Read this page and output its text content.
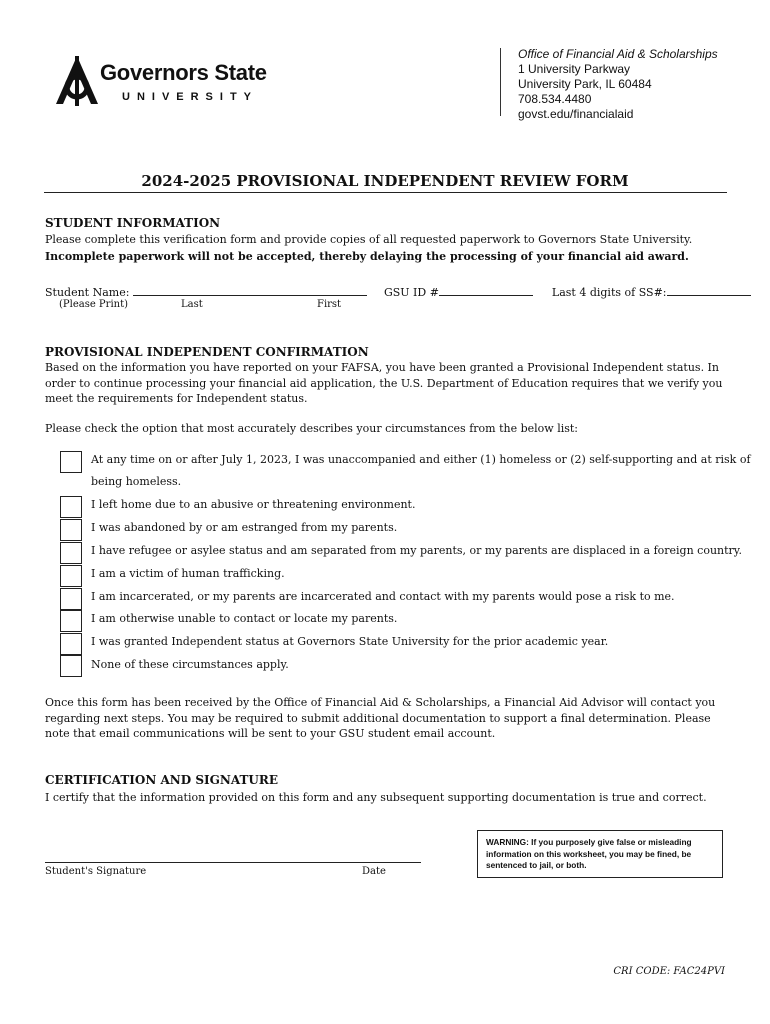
Governors State
UNIVERSITY
Office of Financial Aid & Scholarships
1 University Parkway
University Park, IL 60484
708.534.4480
govst.edu/financialaid
2024-2025 PROVISIONAL INDEPENDENT REVIEW FORM
STUDENT INFORMATION
Please complete this verification form and provide copies of all requested paperwork to Governors State University.
Incomplete paperwork will not be accepted, thereby delaying the processing of your financial aid award.
Student Name:	GSU ID #	Last 4 digits of SS#:
(Please Print)	Last	First
PROVISIONAL INDEPENDENT CONFIRMATION
Based on the information you have reported on your FAFSA, you have been granted a Provisional Independent status. In order to continue processing your financial aid application, the U.S. Department of Education requires that we verify you meet the requirements for Independent status.
Please check the option that most accurately describes your circumstances from the below list:
At any time on or after July 1, 2023, I was unaccompanied and either (1) homeless or (2) self-supporting and at risk of
being homeless.
I left home due to an abusive or threatening environment.
I was abandoned by or am estranged from my parents.
I have refugee or asylee status and am separated from my parents, or my parents are displaced in a foreign country.
I am a victim of human trafficking.
I am incarcerated, or my parents are incarcerated and contact with my parents would pose a risk to me.
I am otherwise unable to contact or locate my parents.
I was granted Independent status at Governors State University for the prior academic year.
None of these circumstances apply.
Once this form has been received by the Office of Financial Aid & Scholarships, a Financial Aid Advisor will contact you regarding next steps. You may be required to submit additional documentation to support a final determination. Please note that email communications will be sent to your GSU student email account.
CERTIFICATION AND SIGNATURE
I certify that the information provided on this form and any subsequent supporting documentation is true and correct.
Student's Signature	Date
WARNING: If you purposely give false or misleading information on this worksheet, you may be fined, be sentenced to jail, or both.
CRI CODE: FAC24PVI
